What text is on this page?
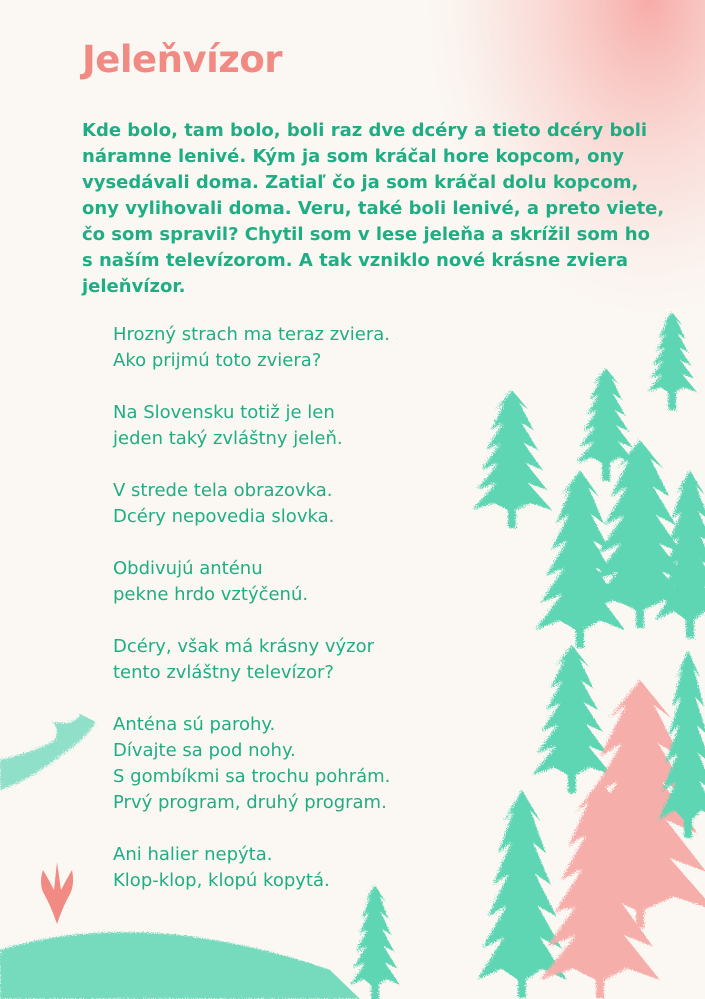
Jeleňvízor
Kde bolo, tam bolo, boli raz dve dcéry a tieto dcéry boli
náramne lenivé. Kým ja som kráčal hore kopcom, ony
vysedávali doma. Zatiaľ čo ja som kráčal dolu kopcom,
ony vylihovali doma. Veru, také boli lenivé, a preto viete,
čo som spravil? Chytil som v lese jeleňa a skrížil som ho
s naším televízorom. A tak vzniklo nové krásne zviera
jeleňvízor.

Hrozný strach ma teraz zviera.
Ako prijmú toto zviera?

Na Slovensku totiž je len
jeden taký zvláštny jeleň.

V strede tela obrazovka.
Dcéry nepovedia slovka.

Obdivujú anténu
pekne hrdo vztýčenú.

Dcéry, však má krásny výzor
tento zvláštny televízor?

Anténa sú parohy.
Dívajte sa pod nohy.
S gombíkmi sa trochu pohrám.
Prvý program, druhý program.

Ani halier nepýta.
Klop-klop, klopú kopytá.
